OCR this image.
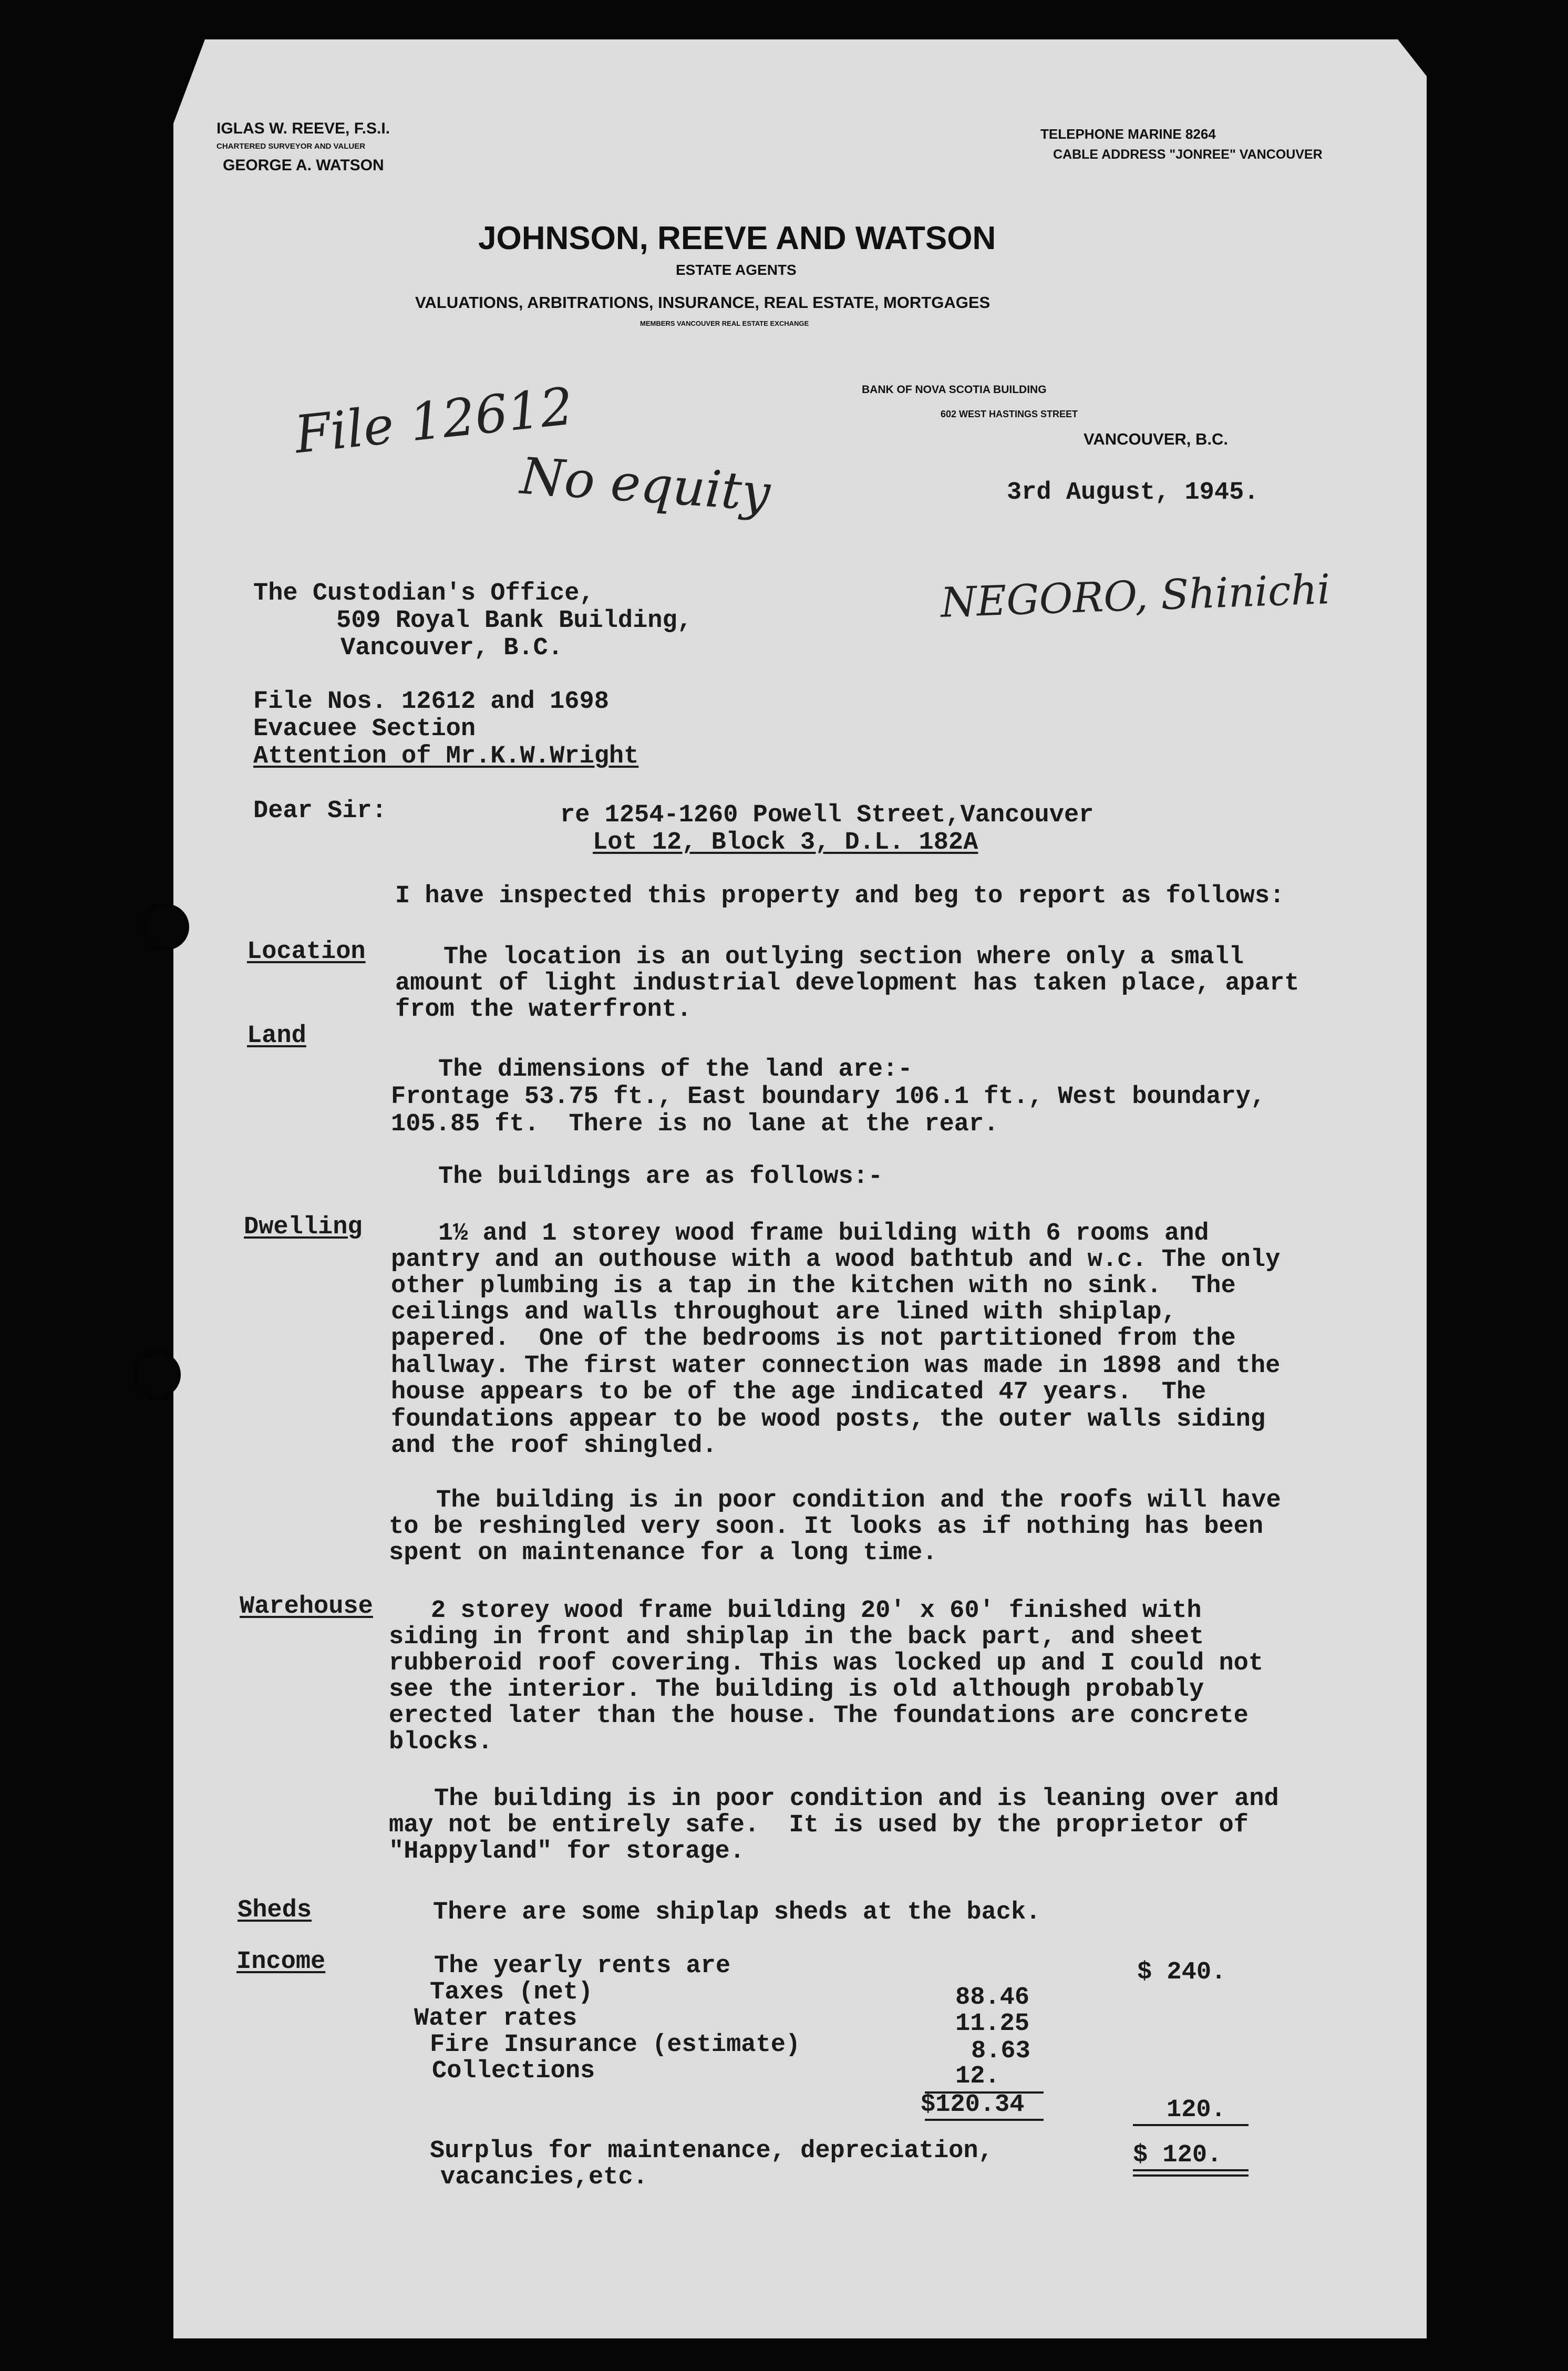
IGLAS W. REEVE, F.S.I.
CHARTERED SURVEYOR AND VALUER
GEORGE A. WATSON
TELEPHONE MARINE 8264
CABLE ADDRESS "JONREE" VANCOUVER
JOHNSON, REEVE AND WATSON
ESTATE AGENTS
VALUATIONS, ARBITRATIONS, INSURANCE, REAL ESTATE, MORTGAGES
MEMBERS VANCOUVER REAL ESTATE EXCHANGE
BANK OF NOVA SCOTIA BUILDING
602 WEST HASTINGS STREET
VANCOUVER, B.C.
File 12612
No equity
NEGORO, Shinichi
3rd August, 1945.
The Custodian's Office,
509 Royal Bank Building,
Vancouver, B.C.
File Nos. 12612 and 1698
Evacuee Section
Attention of Mr.K.W.Wright
Dear Sir:	re 1254-1260 Powell Street,Vancouver
Lot 12, Block 3, D.L. 182A
I have inspected this property and beg to report as follows:
Location	The location is an outlying section where only a small
amount of light industrial development has taken place, apart
from the waterfront.
Land
The dimensions of the land are:-
Frontage 53.75 ft., East boundary 106.1 ft., West boundary,
105.85 ft.  There is no lane at the rear.
The buildings are as follows:-
Dwelling	1½ and 1 storey wood frame building with 6 rooms and
pantry and an outhouse with a wood bathtub and w.c. The only
other plumbing is a tap in the kitchen with no sink.  The
ceilings and walls throughout are lined with shiplap,
papered.  One of the bedrooms is not partitioned from the
hallway. The first water connection was made in 1898 and the
house appears to be of the age indicated 47 years.  The
foundations appear to be wood posts, the outer walls siding
and the roof shingled.
The building is in poor condition and the roofs will have
to be reshingled very soon. It looks as if nothing has been
spent on maintenance for a long time.
Warehouse 2 storey wood frame building 20' x 60' finished with
siding in front and shiplap in the back part, and sheet
rubberoid roof covering. This was locked up and I could not
see the interior. The building is old although probably
erected later than the house. The foundations are concrete
blocks.
The building is in poor condition and is leaning over and
may not be entirely safe.  It is used by the proprietor of
"Happyland" for storage.
Sheds	There are some shiplap sheds at the back.
Income	The yearly rents are	$ 240.
Taxes (net)	88.46
Water rates	11.25
Fire Insurance (estimate)	8.63
Collections	12.
$120.34	120.
Surplus for maintenance, depreciation,
vacancies,etc.
$ 120.
